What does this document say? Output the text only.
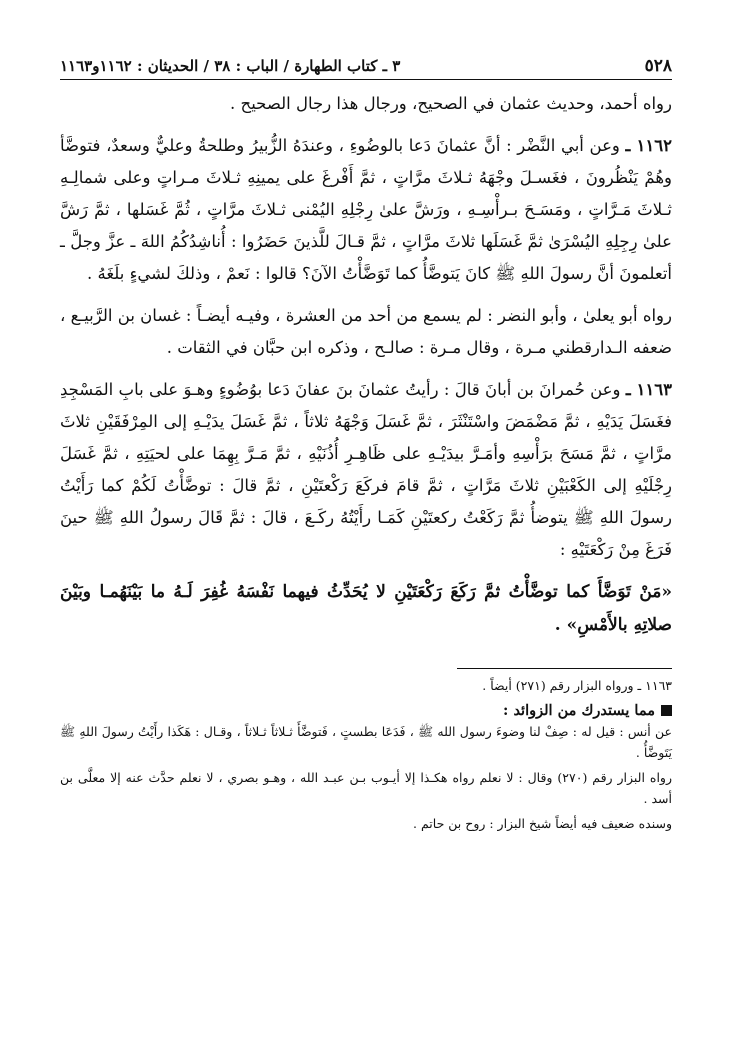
٥٢٨
٣ ـ كتاب الطهارة / الباب : ٣٨ / الحديثان : ١١٦٢و١١٦٣

رواه أحمد، وحديث عثمان في الصحيح، ورجال هذا رجال الصحيح .

١١٦٢ ـ وعن أبي النَّضْر : أنَّ عثمانَ دَعا بالوضُوءِ ، وعندَهُ الزُّبيرُ وطلحةُ وعليٌّ وسعدٌ، فتوضَّأ وهُمْ يَنْظُرونَ ، فغَسـلَ وجْهَهُ ثـلاثَ مرَّاتٍ ، ثمَّ أَفْرغَ على يمينِهِ ثـلاثَ مـراتٍ وعلى شمالِـهِ ثـلاثَ مَـرَّاتٍ ، ومَسَـحَ بـرأْسِـهِ ، ورَشَّ علىٰ رِجْلِهِ اليُمْنى ثـلاثَ مرَّاتٍ ، ثُمَّ غَسَلها ، ثمَّ رَشَّ علىٰ رِجِلِهِ اليُسْرَىٰ ثمَّ غَسَلَها ثلاثَ مرَّاتٍ ، ثمَّ قـالَ للَّذينَ حَضَرُوا : أُناشِدُكُمُ اللهَ ـ عزَّ وجلَّ ـ أتعلمونَ أنَّ رسولَ اللهِ ﷺ كانَ يَتوضَّأُ كما تَوَضَّأْتُ الآنَ؟ قالوا : نَعمْ ، وذلكَ لشيءٍ بلَغَهُ .

رواه أبو يعلىٰ ، وأبو النضر : لم يسمع من أحد من العشرة ، وفيـه أيضـاً : غسان بن الرَّبيـع ، ضعفه الـدارقطني مـرة ، وقال مـرة : صالـح ، وذكره ابن حبَّان في الثقات .

١١٦٣ ـ وعن حُمرانَ بن أبانَ قالَ : رأيتُ عثمانَ بنَ عفانَ دَعا بوُضُوءٍ وهـوَ على بابِ المَسْجِدِ فغَسَلَ يَدَيْهِ ، ثمَّ مَضْمَضَ واسْتَنْثَرَ ، ثمَّ غَسَلَ وَجْهَهُ ثلاثاً ، ثمَّ غَسَلَ يدَيْـهِ إلى المِرْفَقَيْنِ ثلاثَ مرَّاتٍ ، ثمَّ مَسَحَ برَأْسِهِ وأمَـرَّ بيدَيْـهِ على ظَاهِـرِ أُذُنَيْهِ ، ثمَّ مَـرَّ بِهِمَا على لحيَتِهِ ، ثمَّ غَسَلَ رِجْلَيْهِ إلى الكَعْبَيْنِ ثلاثَ مَرَّاتٍ ، ثمَّ قامَ فركَعَ رَكْعتَيْنِ ، ثمَّ قالَ : توضَّأْتُ لَكُمْ كما رَأَيْتُ رسولَ اللهِ ﷺ يتوضأُ ثمَّ رَكَعْتُ ركعتَيْنِ كَمَـا رأَيْتُهُ ركَـعَ ، قالَ : ثمَّ قَالَ رسولُ اللهِ ﷺ حينَ فَرَغَ مِنْ رَكْعَتَيْهِ :

«مَنْ تَوَضَّأَ كما توضَّأْتُ ثمَّ رَكَعَ رَكْعَتَيْنِ لا يُحَدِّثُ فيهما نَفْسَهُ غُفِرَ لَـهُ ما بَيْنَهُمـا وبَيْنَ صلاتِهِ بالأَمْسِ» .

١١٦٣ ـ ورواه البزار رقم (٢٧١) أيضاً .

مما يستدرك من الزوائد :

عن أنس : قيل له : صِفْ لنا وضوءَ رسول الله ﷺ ، فَدَعَا بطستٍ ، فَتوضَّأَ ثـلاثاً ثـلاثاً ، وقـال : هَكَذا رأَيْتُ رسولَ اللهِ ﷺ يَتَوضَّأُ .

رواه البزار رقم (٢٧٠) وقال : لا نعلم رواه هكـذا إلا أيـوب بـن عبـد الله ، وهـو بصري ، لا نعلم حدَّث عنه إلا معلَّى بن أسد .

وسنده ضعيف فيه أيضاً شيخ البزار : روح بن حاتم .
